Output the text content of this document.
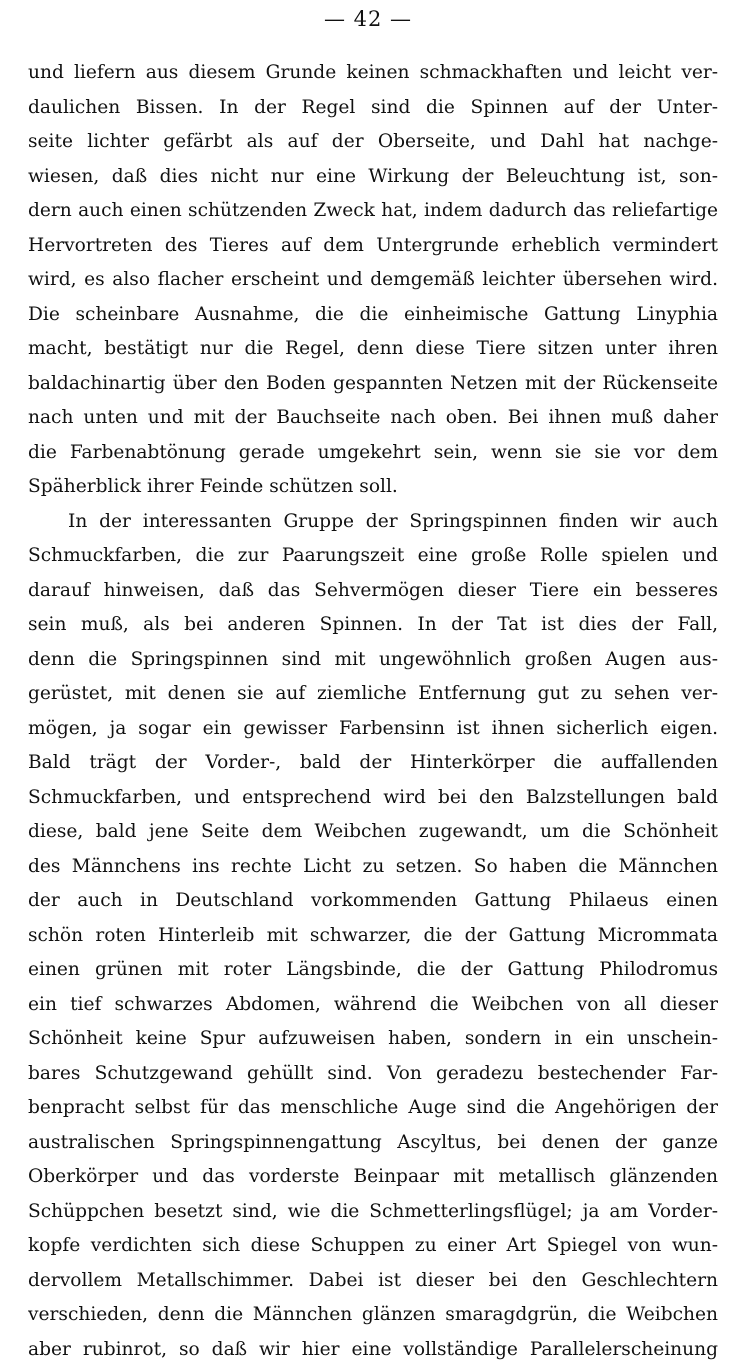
— 42 —
und liefern aus diesem Grunde keinen schmackhaften und leicht ver-
daulichen Bissen. In der Regel sind die Spinnen auf der Unter-
seite lichter gefärbt als auf der Oberseite, und Dahl hat nachge-
wiesen, daß dies nicht nur eine Wirkung der Beleuchtung ist, son-
dern auch einen schützenden Zweck hat, indem dadurch das reliefartige
Hervortreten des Tieres auf dem Untergrunde erheblich vermindert
wird, es also flacher erscheint und demgemäß leichter übersehen wird.
Die scheinbare Ausnahme, die die einheimische Gattung Linyphia
macht, bestätigt nur die Regel, denn diese Tiere sitzen unter ihren
baldachinartig über den Boden gespannten Netzen mit der Rückenseite
nach unten und mit der Bauchseite nach oben. Bei ihnen muß daher
die Farbenabtönung gerade umgekehrt sein, wenn sie sie vor dem
Späherblick ihrer Feinde schützen soll.
In der interessanten Gruppe der Springspinnen finden wir auch
Schmuckfarben, die zur Paarungszeit eine große Rolle spielen und
darauf hinweisen, daß das Sehvermögen dieser Tiere ein besseres
sein muß, als bei anderen Spinnen. In der Tat ist dies der Fall,
denn die Springspinnen sind mit ungewöhnlich großen Augen aus-
gerüstet, mit denen sie auf ziemliche Entfernung gut zu sehen ver-
mögen, ja sogar ein gewisser Farbensinn ist ihnen sicherlich eigen.
Bald trägt der Vorder-, bald der Hinterkörper die auffallenden
Schmuckfarben, und entsprechend wird bei den Balzstellungen bald
diese, bald jene Seite dem Weibchen zugewandt, um die Schönheit
des Männchens ins rechte Licht zu setzen. So haben die Männchen
der auch in Deutschland vorkommenden Gattung Philaeus einen
schön roten Hinterleib mit schwarzer, die der Gattung Micrommata
einen grünen mit roter Längsbinde, die der Gattung Philodromus
ein tief schwarzes Abdomen, während die Weibchen von all dieser
Schönheit keine Spur aufzuweisen haben, sondern in ein unschein-
bares Schutzgewand gehüllt sind. Von geradezu bestechender Far-
benpracht selbst für das menschliche Auge sind die Angehörigen der
australischen Springspinnengattung Ascyltus, bei denen der ganze
Oberkörper und das vorderste Beinpaar mit metallisch glänzenden
Schüppchen besetzt sind, wie die Schmetterlingsflügel; ja am Vorder-
kopfe verdichten sich diese Schuppen zu einer Art Spiegel von wun-
dervollem Metallschimmer. Dabei ist dieser bei den Geschlechtern
verschieden, denn die Männchen glänzen smaragdgrün, die Weibchen
aber rubinrot, so daß wir hier eine vollständige Parallelerscheinung
